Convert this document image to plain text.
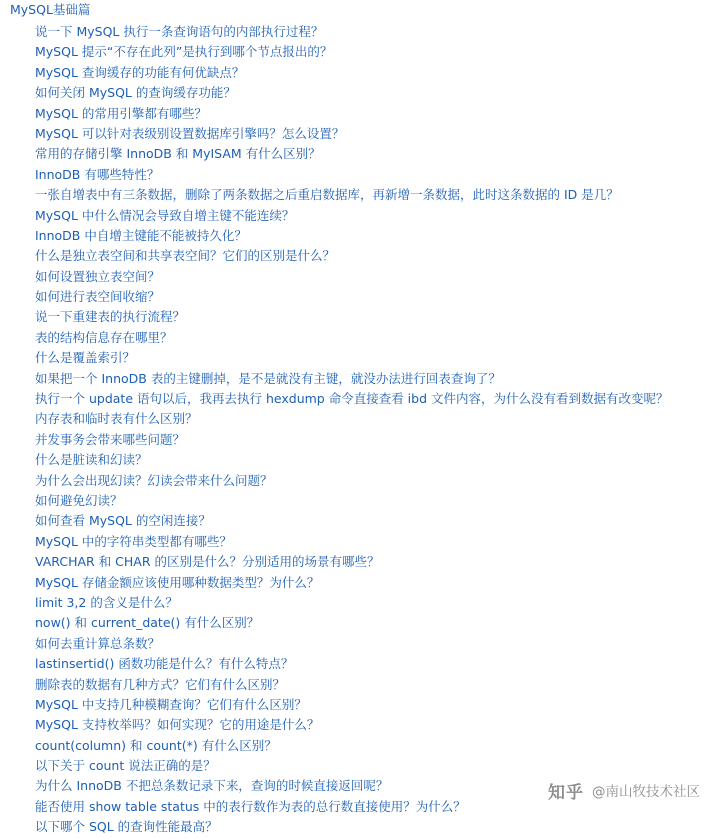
MySQL基础篇
说一下 MySQL 执行一条查询语句的内部执行过程？
MySQL 提示“不存在此列”是执行到哪个节点报出的？
MySQL 查询缓存的功能有何优缺点？
如何关闭 MySQL 的查询缓存功能？
MySQL 的常用引擎都有哪些？
MySQL 可以针对表级别设置数据库引擎吗？怎么设置？
常用的存储引擎 InnoDB 和 MyISAM 有什么区别？
InnoDB 有哪些特性？
一张自增表中有三条数据，删除了两条数据之后重启数据库，再新增一条数据，此时这条数据的 ID 是几？
MySQL 中什么情况会导致自增主键不能连续？
InnoDB 中自增主键能不能被持久化？
什么是独立表空间和共享表空间？它们的区别是什么？
如何设置独立表空间？
如何进行表空间收缩？
说一下重建表的执行流程？
表的结构信息存在哪里？
什么是覆盖索引？
如果把一个 InnoDB 表的主键删掉，是不是就没有主键，就没办法进行回表查询了？
执行一个 update 语句以后，我再去执行 hexdump 命令直接查看 ibd 文件内容，为什么没有看到数据有改变呢？
内存表和临时表有什么区别？
并发事务会带来哪些问题？
什么是脏读和幻读？
为什么会出现幻读？幻读会带来什么问题？
如何避免幻读？
如何查看 MySQL 的空闲连接？
MySQL 中的字符串类型都有哪些？
VARCHAR 和 CHAR 的区别是什么？分别适用的场景有哪些？
MySQL 存储金额应该使用哪种数据类型？为什么？
limit 3,2 的含义是什么？
now() 和 current_date() 有什么区别？
如何去重计算总条数？
lastinsertid() 函数功能是什么？有什么特点？
删除表的数据有几种方式？它们有什么区别？
MySQL 中支持几种模糊查询？它们有什么区别？
MySQL 支持枚举吗？如何实现？它的用途是什么？
count(column) 和 count(*) 有什么区别？
以下关于 count 说法正确的是？
为什么 InnoDB 不把总条数记录下来，查询的时候直接返回呢？
能否使用 show table status 中的表行数作为表的总行数直接使用？为什么？
以下哪个 SQL 的查询性能最高？
知乎 @南山牧技术社区
